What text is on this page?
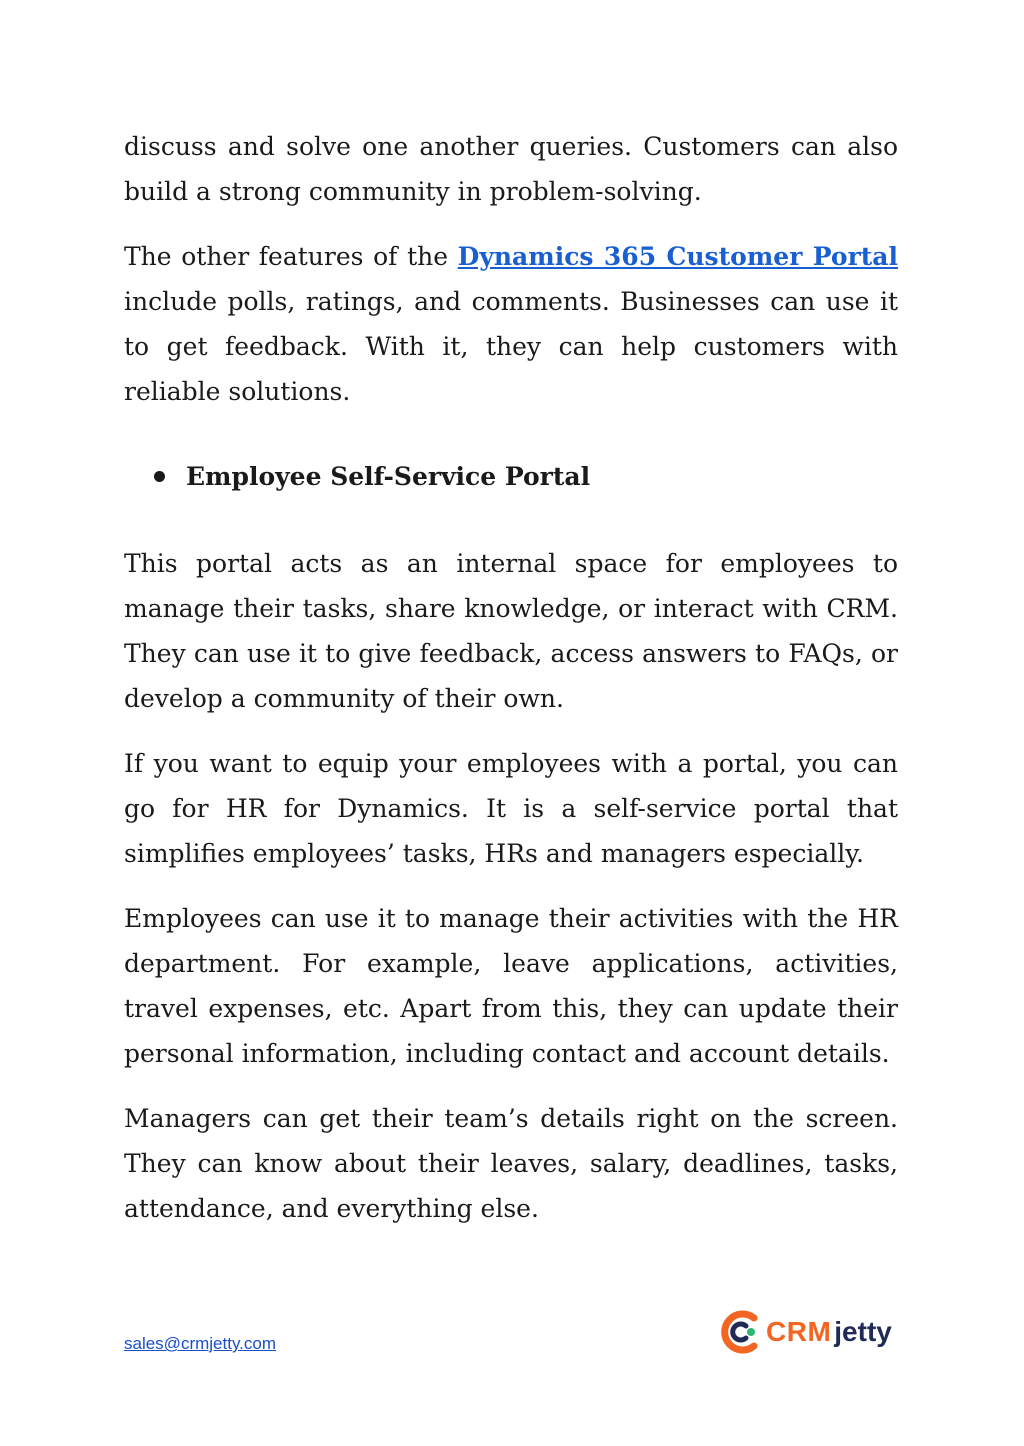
discuss and solve one another queries. Customers can also build a strong community in problem-solving.

The other features of the Dynamics 365 Customer Portal include polls, ratings, and comments. Businesses can use it to get feedback. With it, they can help customers with reliable solutions.

Employee Self-Service Portal

This portal acts as an internal space for employees to manage their tasks, share knowledge, or interact with CRM. They can use it to give feedback, access answers to FAQs, or develop a community of their own.

If you want to equip your employees with a portal, you can go for HR for Dynamics. It is a self-service portal that simplifies employees’ tasks, HRs and managers especially.

Employees can use it to manage their activities with the HR department. For example, leave applications, activities, travel expenses, etc. Apart from this, they can update their personal information, including contact and account details.

Managers can get their team’s details right on the screen. They can know about their leaves, salary, deadlines, tasks, attendance, and everything else.

sales@crmjetty.com	CRM jetty
